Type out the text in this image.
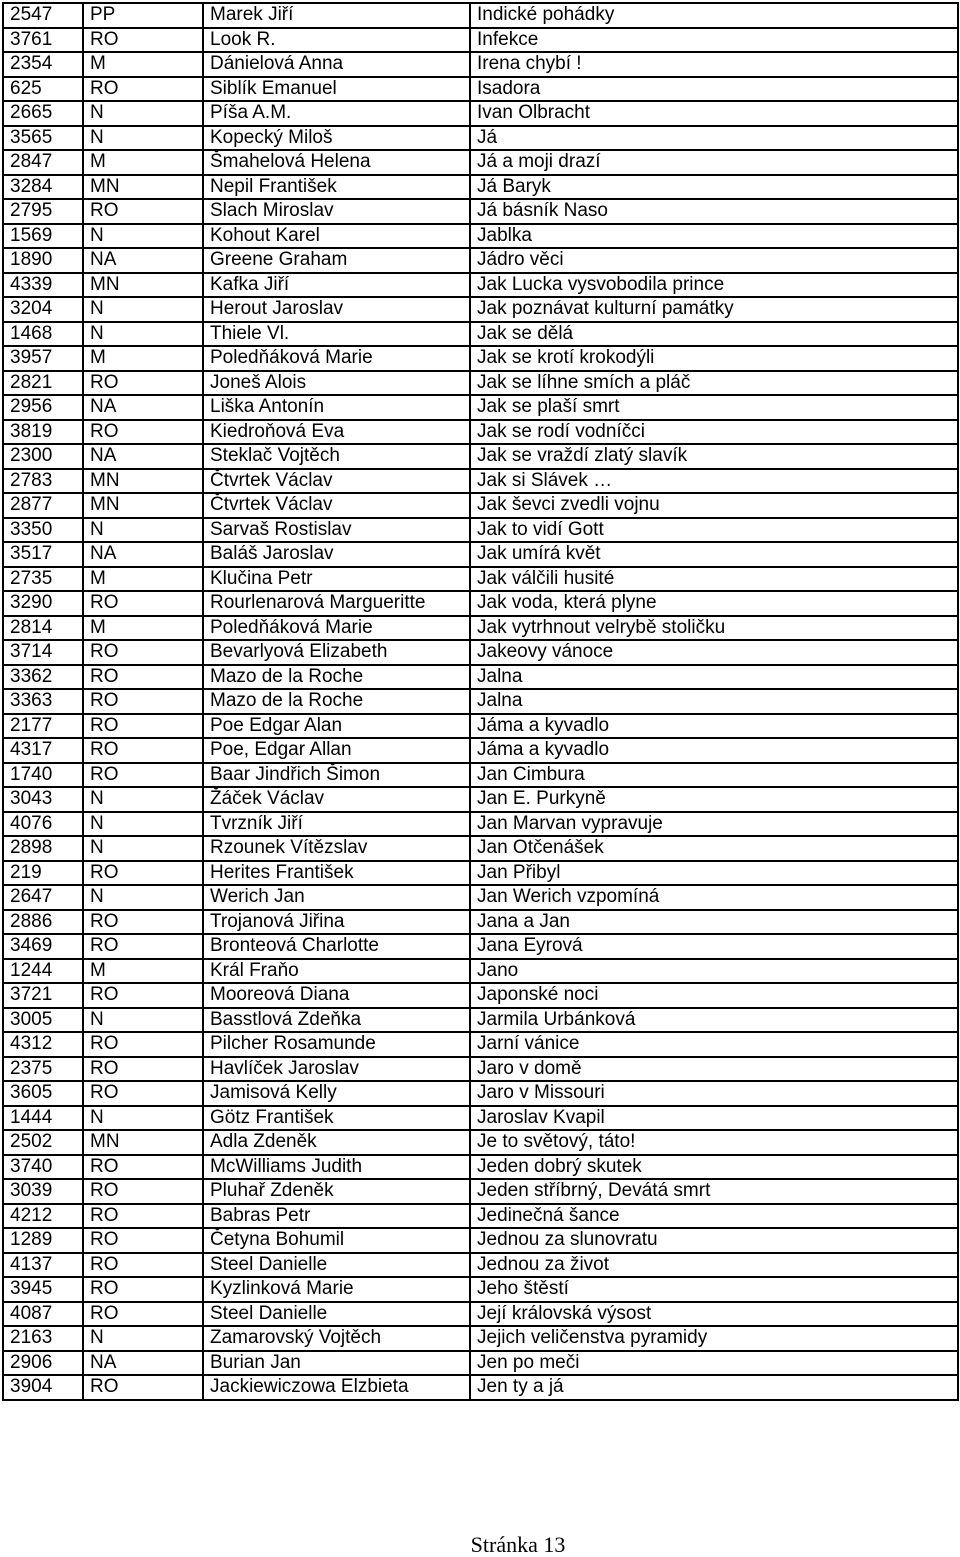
2547	PP	Marek Jiří	Indické pohádky
3761	RO	Look R.	Infekce
2354	M	Dánielová Anna	Irena chybí !
625	RO	Siblík Emanuel	Isadora
2665	N	Píša A.M.	Ivan Olbracht
3565	N	Kopecký Miloš	Já
2847	M	Šmahelová Helena	Já a moji drazí
3284	MN	Nepil František	Já Baryk
2795	RO	Slach Miroslav	Já básník Naso
1569	N	Kohout Karel	Jablka
1890	NA	Greene Graham	Jádro věci
4339	MN	Kafka Jiří	Jak Lucka vysvobodila prince
3204	N	Herout Jaroslav	Jak poznávat kulturní památky
1468	N	Thiele Vl.	Jak se dělá
3957	M	Poledňáková Marie	Jak se krotí krokodýli
2821	RO	Joneš Alois	Jak se líhne smích a pláč
2956	NA	Liška Antonín	Jak se plaší smrt
3819	RO	Kiedroňová Eva	Jak se rodí vodníčci
2300	NA	Steklač Vojtěch	Jak se vraždí zlatý slavík
2783	MN	Čtvrtek Václav	Jak si Slávek …
2877	MN	Čtvrtek Václav	Jak ševci zvedli vojnu
3350	N	Sarvaš Rostislav	Jak to vidí Gott
3517	NA	Baláš Jaroslav	Jak umírá květ
2735	M	Klučina Petr	Jak válčili husité
3290	RO	Rourlenarová Margueritte	Jak voda, která plyne
2814	M	Poledňáková Marie	Jak vytrhnout velrybě stoličku
3714	RO	Bevarlyová Elizabeth	Jakeovy vánoce
3362	RO	Mazo de la Roche	Jalna
3363	RO	Mazo de la Roche	Jalna
2177	RO	Poe Edgar Alan	Jáma a kyvadlo
4317	RO	Poe, Edgar Allan	Jáma a kyvadlo
1740	RO	Baar Jindřich Šimon	Jan Cimbura
3043	N	Žáček Václav	Jan E. Purkyně
4076	N	Tvrzník Jiří	Jan Marvan vypravuje
2898	N	Rzounek Vítězslav	Jan Otčenášek
219	RO	Herites František	Jan Přibyl
2647	N	Werich Jan	Jan Werich vzpomíná
2886	RO	Trojanová Jiřina	Jana a Jan
3469	RO	Bronteová Charlotte	Jana Eyrová
1244	M	Král Fraňo	Jano
3721	RO	Mooreová Diana	Japonské noci
3005	N	Basstlová Zdeňka	Jarmila Urbánková
4312	RO	Pilcher Rosamunde	Jarní vánice
2375	RO	Havlíček Jaroslav	Jaro v domě
3605	RO	Jamisová Kelly	Jaro v Missouri
1444	N	Götz František	Jaroslav Kvapil
2502	MN	Adla Zdeněk	Je to světový, táto!
3740	RO	McWilliams Judith	Jeden dobrý skutek
3039	RO	Pluhař Zdeněk	Jeden stříbrný, Devátá smrt
4212	RO	Babras Petr	Jedinečná šance
1289	RO	Četyna Bohumil	Jednou za slunovratu
4137	RO	Steel Danielle	Jednou za život
3945	RO	Kyzlinková Marie	Jeho štěstí
4087	RO	Steel Danielle	Její královská výsost
2163	N	Zamarovský Vojtěch	Jejich veličenstva pyramidy
2906	NA	Burian Jan	Jen po meči
3904	RO	Jackiewiczowa Elzbieta	Jen ty a já
Stránka 13
